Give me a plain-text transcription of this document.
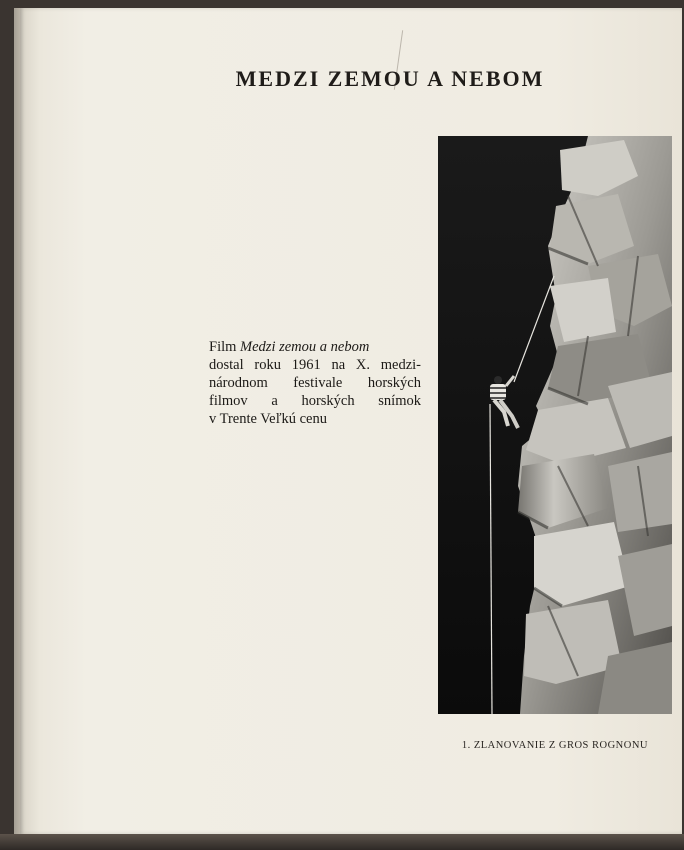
MEDZI ZEMOU A NEBOM
Film Medzi zemou a nebom
dostal roku 1961 na X. medzi-
národnom festivale horských
filmov a horských snímok
v Trente Veľkú cenu
1. ZLANOVANIE Z GROS ROGNONU
